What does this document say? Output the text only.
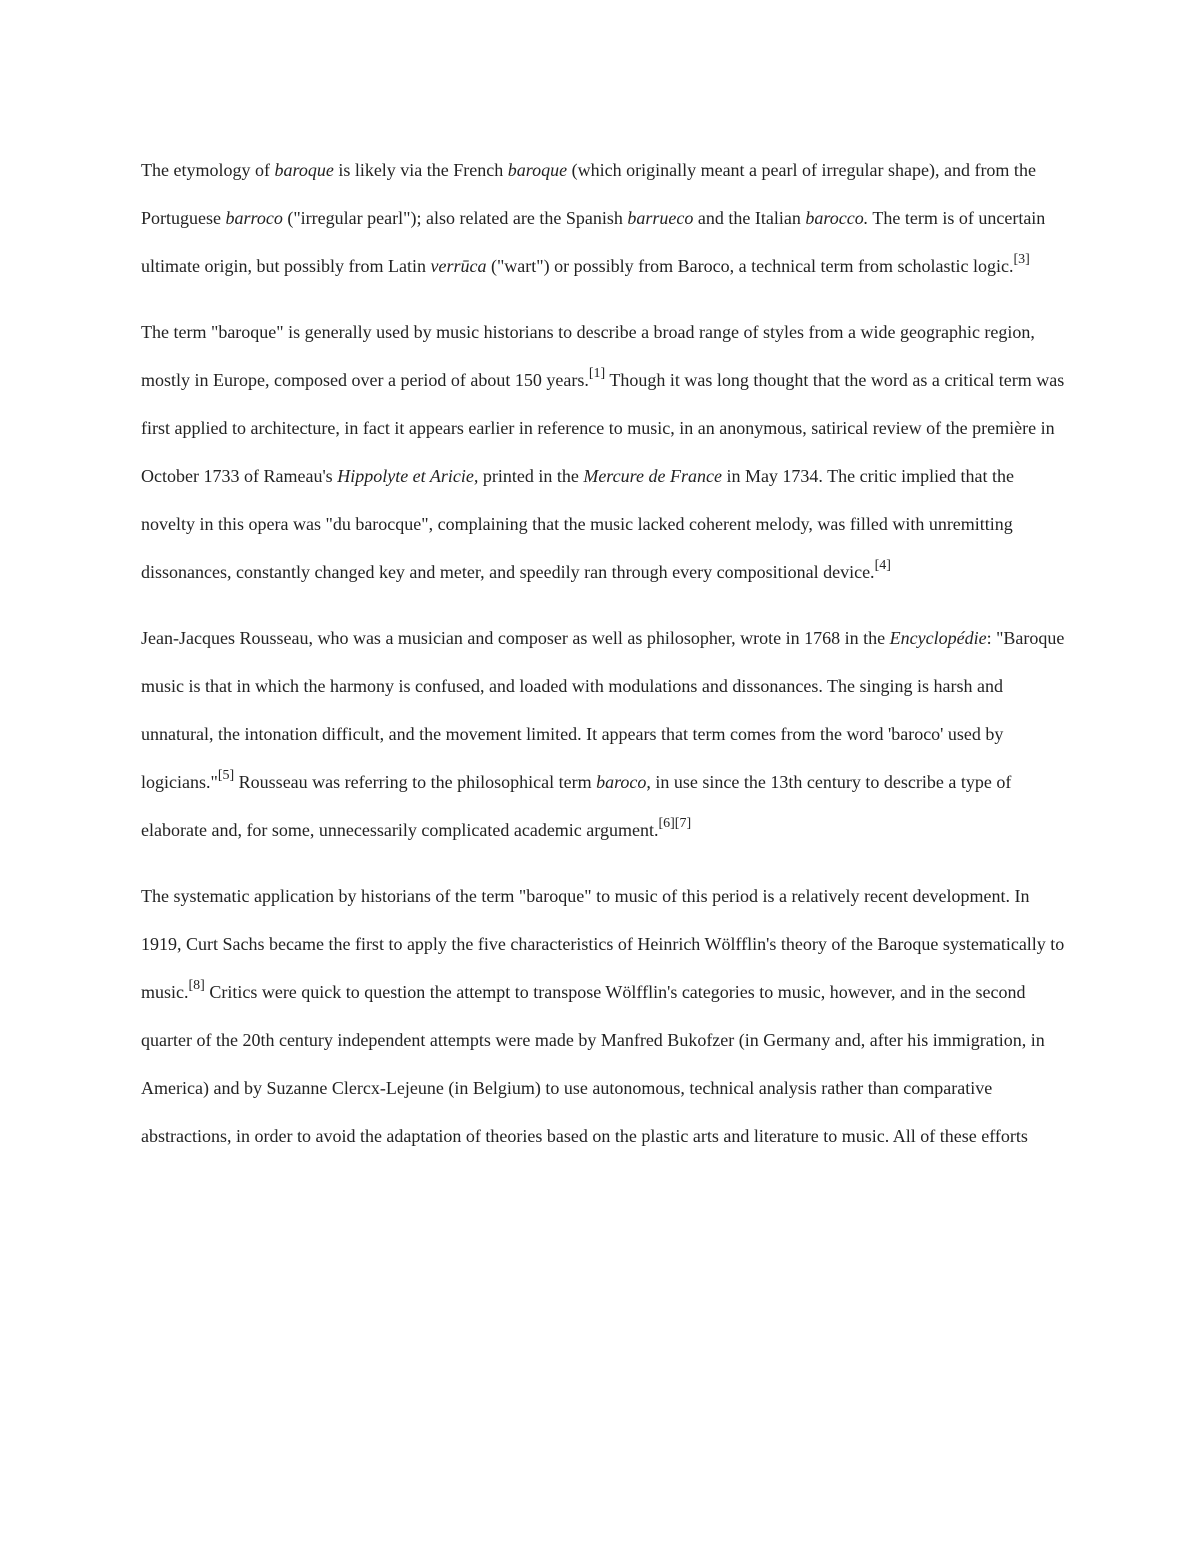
The etymology of baroque is likely via the French baroque (which originally meant a pearl of irregular shape), and from the Portuguese barroco ("irregular pearl"); also related are the Spanish barrueco and the Italian barocco. The term is of uncertain ultimate origin, but possibly from Latin verrūca ("wart") or possibly from Baroco, a technical term from scholastic logic.[3]

The term "baroque" is generally used by music historians to describe a broad range of styles from a wide geographic region, mostly in Europe, composed over a period of about 150 years.[1] Though it was long thought that the word as a critical term was first applied to architecture, in fact it appears earlier in reference to music, in an anonymous, satirical review of the première in October 1733 of Rameau's Hippolyte et Aricie, printed in the Mercure de France in May 1734. The critic implied that the novelty in this opera was "du barocque", complaining that the music lacked coherent melody, was filled with unremitting dissonances, constantly changed key and meter, and speedily ran through every compositional device.[4]

Jean-Jacques Rousseau, who was a musician and composer as well as philosopher, wrote in 1768 in the Encyclopédie: "Baroque music is that in which the harmony is confused, and loaded with modulations and dissonances. The singing is harsh and unnatural, the intonation difficult, and the movement limited. It appears that term comes from the word 'baroco' used by logicians."[5] Rousseau was referring to the philosophical term baroco, in use since the 13th century to describe a type of elaborate and, for some, unnecessarily complicated academic argument.[6][7]

The systematic application by historians of the term "baroque" to music of this period is a relatively recent development. In 1919, Curt Sachs became the first to apply the five characteristics of Heinrich Wölfflin's theory of the Baroque systematically to music.[8] Critics were quick to question the attempt to transpose Wölfflin's categories to music, however, and in the second quarter of the 20th century independent attempts were made by Manfred Bukofzer (in Germany and, after his immigration, in America) and by Suzanne Clercx-Lejeune (in Belgium) to use autonomous, technical analysis rather than comparative abstractions, in order to avoid the adaptation of theories based on the plastic arts and literature to music. All of these efforts
